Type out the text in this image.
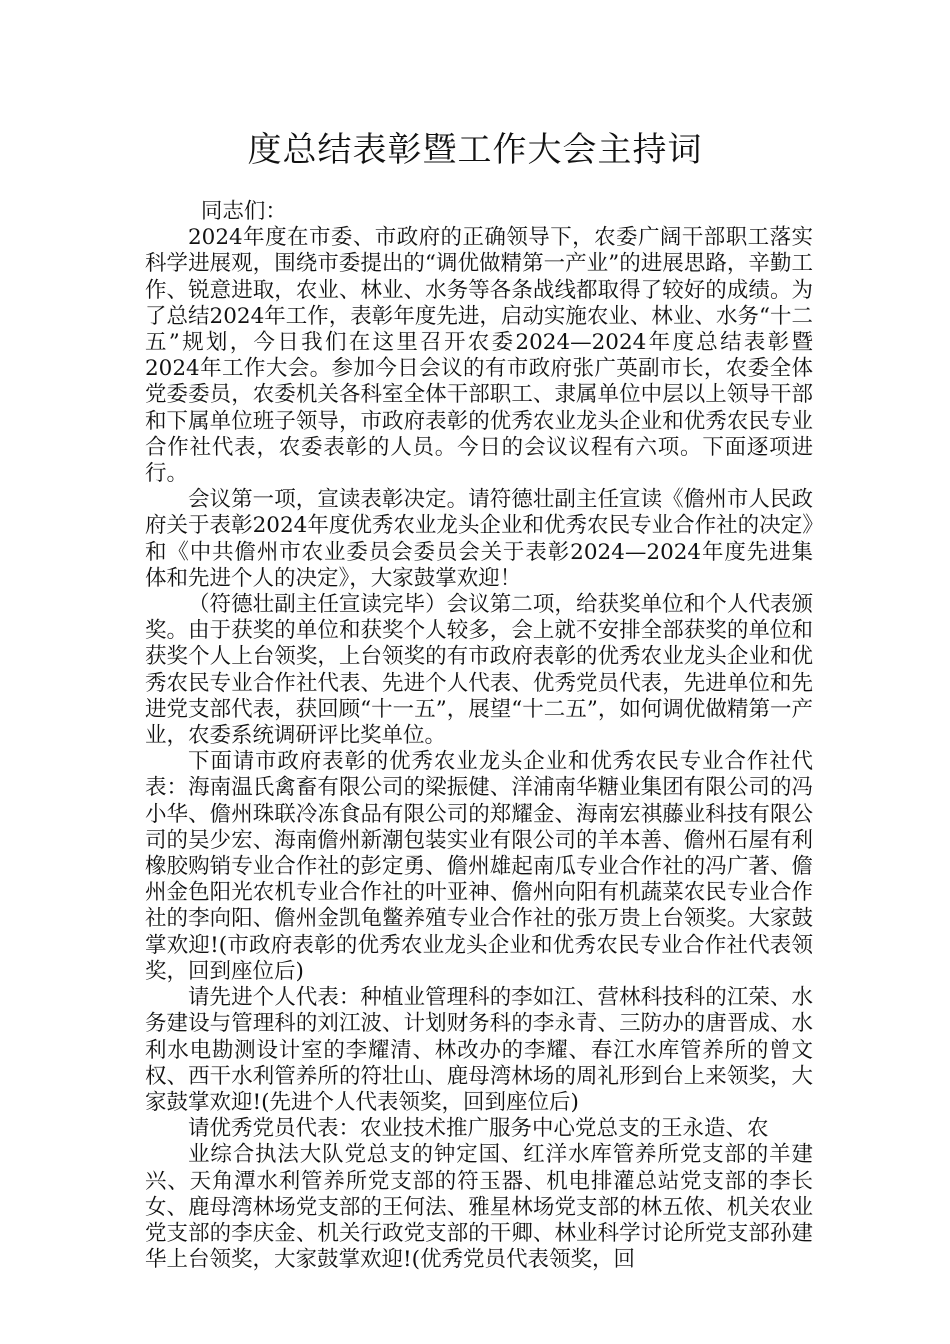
度总结表彰暨工作大会主持词

同志们：

2024年度在市委、市政府的正确领导下，农委广阔干部职工落实科学进展观，围绕市委提出的“调优做精第一产业”的进展思路，辛勤工作、锐意进取，农业、林业、水务等各条战线都取得了较好的成绩。为了总结2024年工作，表彰年度先进，启动实施农业、林业、水务“十二五”规划，今日我们在这里召开农委2024—2024年度总结表彰暨2024年工作大会。参加今日会议的有市政府张广英副市长，农委全体党委委员，农委机关各科室全体干部职工、隶属单位中层以上领导干部和下属单位班子领导，市政府表彰的优秀农业龙头企业和优秀农民专业合作社代表，农委表彰的人员。今日的会议议程有六项。下面逐项进行。

会议第一项，宣读表彰决定。请符德壮副主任宣读《儋州市人民政府关于表彰2024年度优秀农业龙头企业和优秀农民专业合作社的决定》和《中共儋州市农业委员会委员会关于表彰2024—2024年度先进集体和先进个人的决定》，大家鼓掌欢迎！

（符德壮副主任宣读完毕）会议第二项，给获奖单位和个人代表颁奖。由于获奖的单位和获奖个人较多，会上就不安排全部获奖的单位和获奖个人上台领奖，上台领奖的有市政府表彰的优秀农业龙头企业和优秀农民专业合作社代表、先进个人代表、优秀党员代表，先进单位和先进党支部代表，获回顾“十一五”，展望“十二五”，如何调优做精第一产业，农委系统调研评比奖单位。

下面请市政府表彰的优秀农业龙头企业和优秀农民专业合作社代表：海南温氏禽畜有限公司的梁振健、洋浦南华糖业集团有限公司的冯小华、儋州珠联冷冻食品有限公司的郑耀金、海南宏祺藤业科技有限公司的吴少宏、海南儋州新潮包装实业有限公司的羊本善、儋州石屋有利橡胶购销专业合作社的彭定勇、儋州雄起南瓜专业合作社的冯广著、儋州金色阳光农机专业合作社的叶亚神、儋州向阳有机蔬菜农民专业合作社的李向阳、儋州金凯龟鳖养殖专业合作社的张万贵上台领奖。大家鼓掌欢迎!(市政府表彰的优秀农业龙头企业和优秀农民专业合作社代表领奖，回到座位后)

请先进个人代表：种植业管理科的李如江、营林科技科的江荣、水务建设与管理科的刘江波、计划财务科的李永青、三防办的唐晋成、水利水电勘测设计室的李耀清、林改办的李耀、春江水库管养所的曾文权、西干水利管养所的符壮山、鹿母湾林场的周礼形到台上来领奖，大家鼓掌欢迎!(先进个人代表领奖，回到座位后)

请优秀党员代表：农业技术推广服务中心党总支的王永造、农
业综合执法大队党总支的钟定国、红洋水库管养所党支部的羊建兴、天角潭水利管养所党支部的符玉器、机电排灌总站党支部的李长女、鹿母湾林场党支部的王何法、雅星林场党支部的林五侬、机关农业党支部的李庆金、机关行政党支部的干卿、林业科学讨论所党支部孙建华上台领奖，大家鼓掌欢迎!(优秀党员代表领奖，回
